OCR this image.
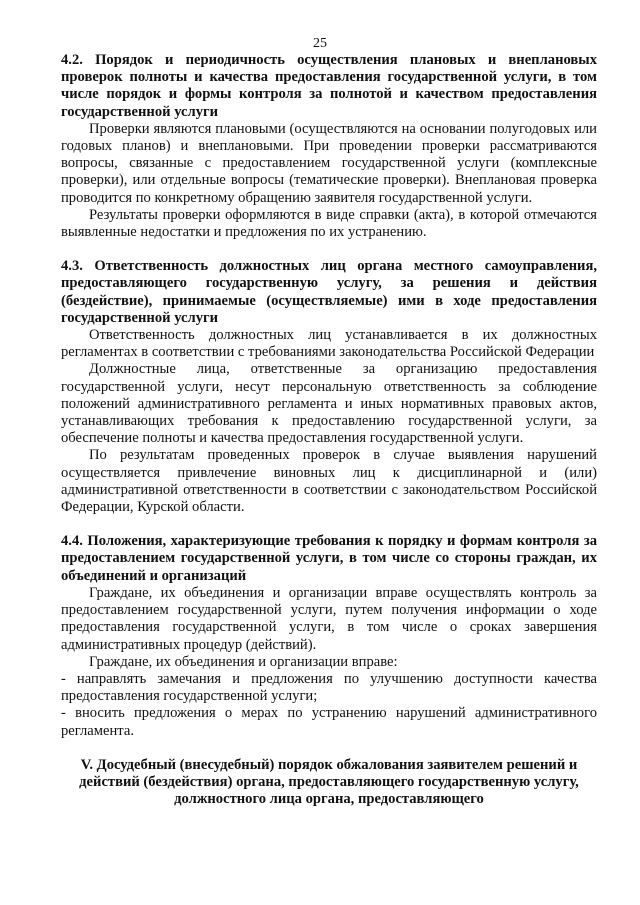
25

4.2. Порядок и периодичность осуществления плановых и внеплановых проверок полноты и качества предоставления государственной услуги, в том числе порядок и формы контроля за полнотой и качеством предоставления государственной услуги

Проверки являются плановыми (осуществляются на основании полугодовых или годовых планов) и внеплановыми. При проведении проверки рассматриваются вопросы, связанные с предоставлением государственной услуги (комплексные проверки), или отдельные вопросы (тематические проверки). Внеплановая проверка проводится по конкретному обращению заявителя государственной услуги.

Результаты проверки оформляются в виде справки (акта), в которой отмечаются выявленные недостатки и предложения по их устранению.

4.3. Ответственность должностных лиц органа местного самоуправления, предоставляющего государственную услугу, за решения и действия (бездействие), принимаемые (осуществляемые) ими в ходе предоставления государственной услуги

Ответственность должностных лиц устанавливается в их должностных регламентах в соответствии с требованиями законодательства Российской Федерации

Должностные лица, ответственные за организацию предоставления государственной услуги, несут персональную ответственность за соблюдение положений административного регламента и иных нормативных правовых актов, устанавливающих требования к предоставлению государственной услуги, за обеспечение полноты и качества предоставления государственной услуги.

По результатам проведенных проверок в случае выявления нарушений осуществляется привлечение виновных лиц к дисциплинарной и (или) административной ответственности в соответствии с законодательством Российской Федерации, Курской области.

4.4. Положения, характеризующие требования к порядку и формам контроля за предоставлением государственной услуги, в том числе со стороны граждан, их объединений и организаций

Граждане, их объединения и организации вправе осуществлять контроль за предоставлением государственной услуги, путем получения информации о ходе предоставления государственной услуги, в том числе о сроках завершения административных процедур (действий).

Граждане, их объединения и организации вправе:

- направлять замечания и предложения по улучшению доступности качества предоставления государственной услуги;

- вносить предложения о мерах по устранению нарушений административного регламента.

V. Досудебный (внесудебный) порядок обжалования заявителем решений и действий (бездействия) органа, предоставляющего государственную услугу, должностного лица органа, предоставляющего
